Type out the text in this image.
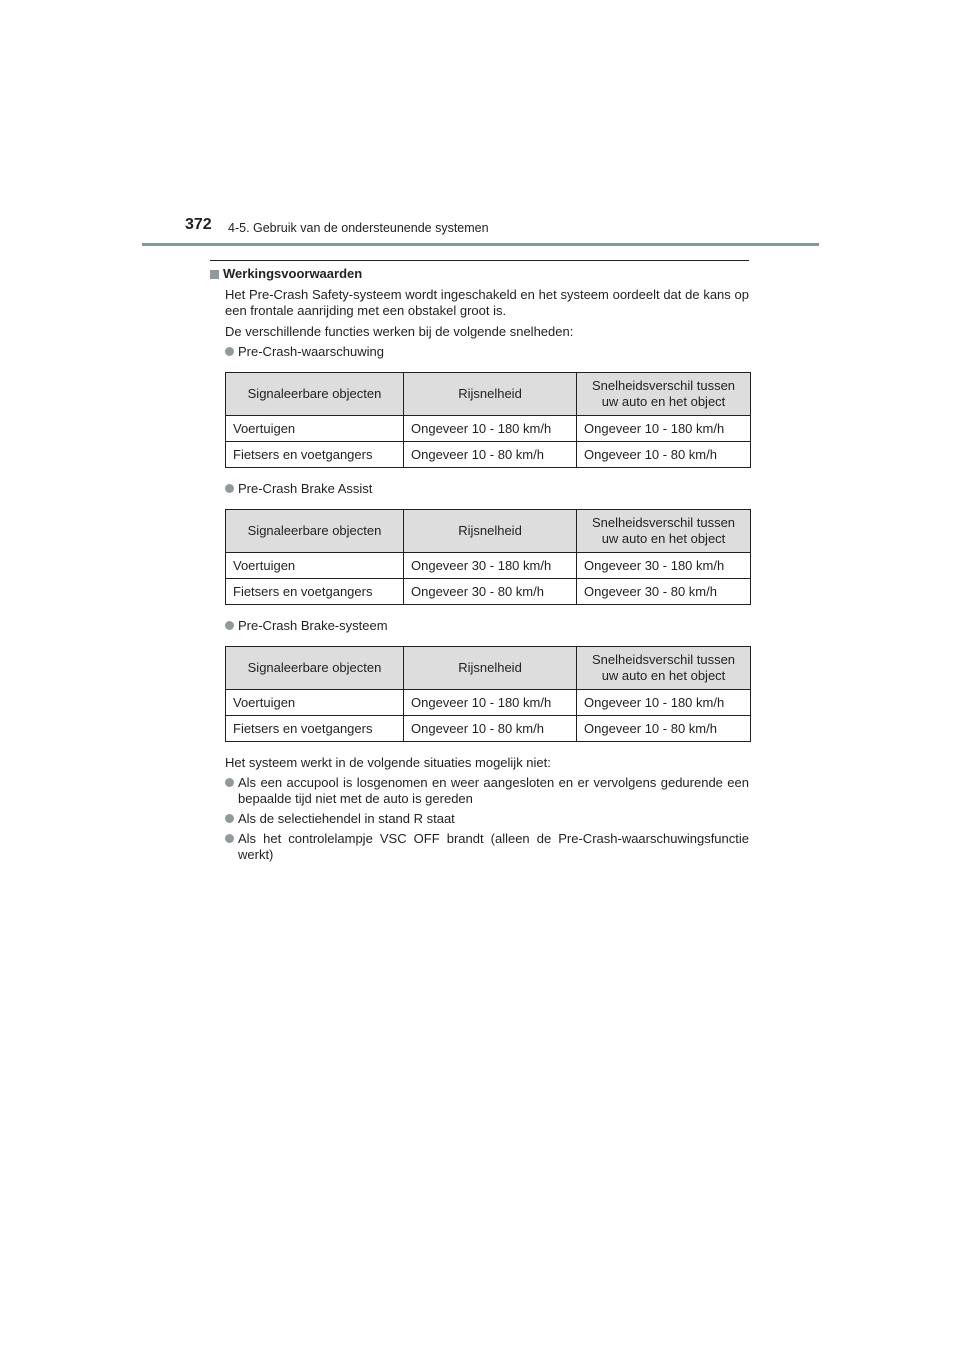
372 4-5. Gebruik van de ondersteunende systemen
Werkingsvoorwaarden

Het Pre-Crash Safety-systeem wordt ingeschakeld en het systeem oordeelt dat de kans op een frontale aanrijding met een obstakel groot is.

De verschillende functies werken bij de volgende snelheden:

Pre-Crash-waarschuwing
Signaleerbare objecten	Rijsnelheid	Snelheidsverschil tussen
uw auto en het object
Voertuigen	Ongeveer 10 - 180 km/h	Ongeveer 10 - 180 km/h
Fietsers en voetgangers	Ongeveer 10 - 80 km/h	Ongeveer 10 - 80 km/h
Pre-Crash Brake Assist
Signaleerbare objecten	Rijsnelheid	Snelheidsverschil tussen
uw auto en het object
Voertuigen	Ongeveer 30 - 180 km/h	Ongeveer 30 - 180 km/h
Fietsers en voetgangers	Ongeveer 30 - 80 km/h	Ongeveer 30 - 80 km/h
Pre-Crash Brake-systeem
Signaleerbare objecten	Rijsnelheid	Snelheidsverschil tussen
uw auto en het object
Voertuigen	Ongeveer 10 - 180 km/h	Ongeveer 10 - 180 km/h
Fietsers en voetgangers	Ongeveer 10 - 80 km/h	Ongeveer 10 - 80 km/h

Het systeem werkt in de volgende situaties mogelijk niet:

Als een accupool is losgenomen en weer aangesloten en er vervolgens gedurende een bepaalde tijd niet met de auto is gereden
Als de selectiehendel in stand R staat
Als het controlelampje VSC OFF brandt (alleen de Pre-Crash-waarschuwingsfunctie werkt)
